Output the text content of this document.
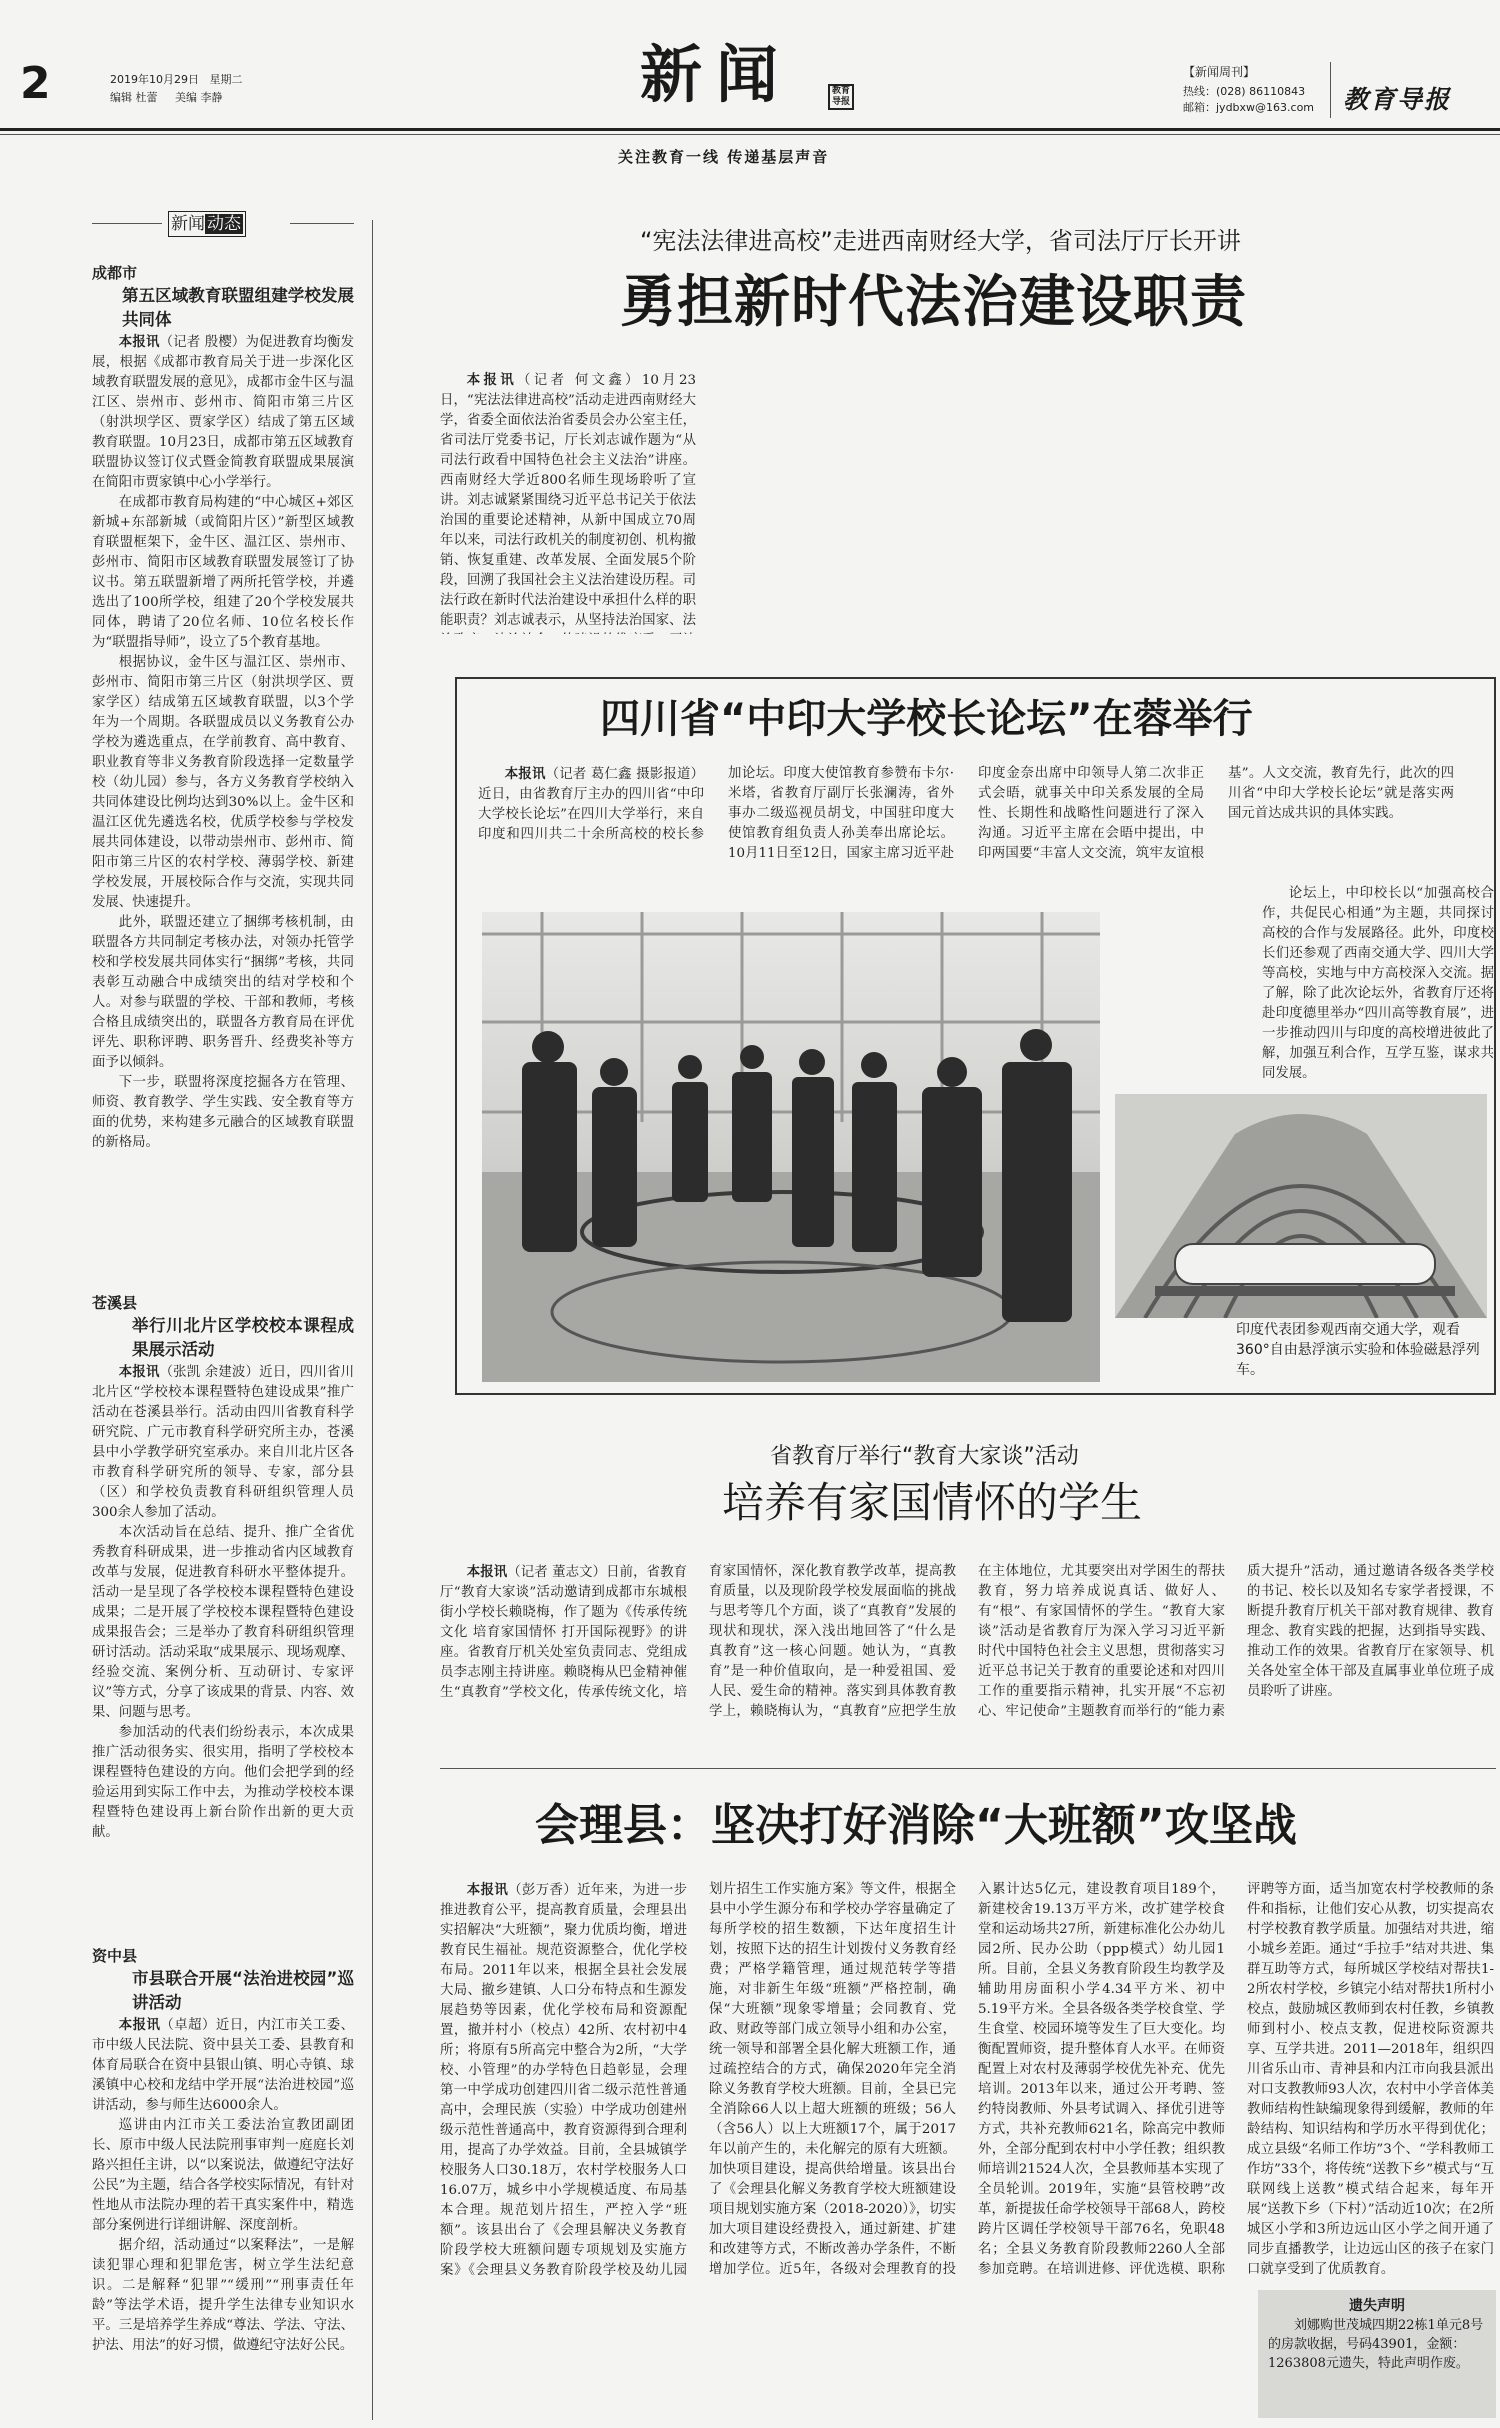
2	2019年10月29日 星期二
编辑 杜蕾 美编 李静	新闻	教育导报
关注教育一线 传递基层声音
【新闻周刊】
热线：(028) 86110843
邮箱：jydbxw@163.com 教育导报
新闻 动态
成都市
第五区域教育联盟组建学校发展共同体

本报讯（记者 殷樱）为促进教育均衡发展，根据《成都市教育局关于进一步深化区域教育联盟发展的意见》，成都市金牛区与温江区、崇州市、彭州市、简阳市第三片区（射洪坝学区、贾家学区）结成了第五区域教育联盟。10月23日，成都市第五区域教育联盟协议签订仪式暨金简教育联盟成果展演在简阳市贾家镇中心小学举行。

在成都市教育局构建的“中心城区+郊区新城+东部新城（或简阳片区）”新型区域教育联盟框架下，金牛区、温江区、崇州市、彭州市、简阳市区域教育联盟发展签订了协议书。第五联盟新增了两所托管学校，并遴选出了100所学校，组建了20个学校发展共同体，聘请了20位名师、10位名校长作为“联盟指导师”，设立了5个教育基地。

根据协议，金牛区与温江区、崇州市、彭州市、简阳市第三片区（射洪坝学区、贾家学区）结成第五区域教育联盟，以3个学年为一个周期。各联盟成员以义务教育公办学校为遴选重点，在学前教育、高中教育、职业教育等非义务教育阶段选择一定数量学校（幼儿园）参与，各方义务教育学校纳入共同体建设比例均达到30%以上。金牛区和温江区优先遴选名校，优质学校参与学校发展共同体建设，以带动崇州市、彭州市、简阳市第三片区的农村学校、薄弱学校、新建学校发展，开展校际合作与交流，实现共同发展、快速提升。

此外，联盟还建立了捆绑考核机制，由联盟各方共同制定考核办法，对领办托管学校和学校发展共同体实行“捆绑”考核，共同表彰互动融合中成绩突出的结对学校和个人。对参与联盟的学校、干部和教师，考核合格且成绩突出的，联盟各方教育局在评优评先、职称评聘、职务晋升、经费奖补等方面予以倾斜。

下一步，联盟将深度挖掘各方在管理、师资、教育教学、学生实践、安全教育等方面的优势，来构建多元融合的区域教育联盟的新格局。

苍溪县
举行川北片区学校校本课程成果展示活动

本报讯（张凯 余建波）近日，四川省川北片区“学校校本课程暨特色建设成果”推广活动在苍溪县举行。活动由四川省教育科学研究院、广元市教育科学研究所主办，苍溪县中小学教学研究室承办。来自川北片区各市教育科学研究所的领导、专家，部分县（区）和学校负责教育科研组织管理人员300余人参加了活动。

本次活动旨在总结、提升、推广全省优秀教育科研成果，进一步推动省内区域教育改革与发展，促进教育科研水平整体提升。活动一是呈现了各学校校本课程暨特色建设成果；二是开展了学校校本课程暨特色建设成果报告会；三是举办了教育科研组织管理研讨活动。活动采取“成果展示、现场观摩、经验交流、案例分析、互动研讨、专家评议”等方式，分享了该成果的背景、内容、效果、问题与思考。

参加活动的代表们纷纷表示，本次成果推广活动很务实、很实用，指明了学校校本课程暨特色建设的方向。他们会把学到的经验运用到实际工作中去，为推动学校校本课程暨特色建设再上新台阶作出新的更大贡献。

资中县
市县联合开展“法治进校园”巡讲活动

本报讯（卓超）近日，内江市关工委、市中级人民法院、资中县关工委、县教育和体育局联合在资中县银山镇、明心寺镇、球溪镇中心校和龙结中学开展“法治进校园”巡讲活动，参与师生达6000余人。

巡讲由内江市关工委法治宣教团副团长、原市中级人民法院刑事审判一庭庭长刘路兴担任主讲，以“以案说法，做遵纪守法好公民”为主题，结合各学校实际情况，有针对性地从市法院办理的若干真实案件中，精选部分案例进行详细讲解、深度剖析。

据介绍，活动通过“以案释法”，一是解读犯罪心理和犯罪危害，树立学生法纪意识。二是解释“犯罪”“缓刑”“刑事责任年龄”等法学术语，提升学生法律专业知识水平。三是培养学生养成“尊法、学法、守法、护法、用法”的好习惯，做遵纪守法好公民。

“宪法法律进高校”走进西南财经大学，省司法厅厅长开讲
勇担新时代法治建设职责

本报讯（记者 何文鑫）10月23日，“宪法法律进高校”活动走进西南财经大学，省委全面依法治省委员会办公室主任，省司法厅党委书记，厅长刘志诚作题为“从司法行政看中国特色社会主义法治”讲座。西南财经大学近800名师生现场聆听了宣讲。刘志诚紧紧围绕习近平总书记关于依法治国的重要论述精神，从新中国成立70周年以来，司法行政机关的制度初创、机构撤销、恢复重建、改革发展、全面发展5个阶段，回溯了我国社会主义法治建设历程。司法行政在新时代法治建设中承担什么样的职能职责？刘志诚表示，从坚持法治国家、法

四川省“中印大学校长论坛”在蓉举行

本报讯（记者 葛仁鑫 摄影报道）近日，由省教育厅主办的四川省“中印大学校长论坛”在四川大学举行，来自印度和四川共二十余所高校的校长参加论坛。印度大使馆教育参赞布卡尔·米塔，省教育厅副厅长张澜涛，省外事办二级巡视员胡戈，中国驻印度大使馆教育组负责人孙美奉出席论坛。10月11日至12日，国家主席习近平赴印度金奈出席中印领导人第二次非正式会晤，就事关中印关系发展的全局性、长期性和战略性问题进行了深入沟通。习近平主席在会晤中提出，中印两国要“丰富人文交流，筑牢友谊根基”。人文交流，教育先行，此次的四川省“中印大学校长论坛”就是落实两国元首达成共识的具体实践。

论坛上，中印校长以“加强高校合作，共促民心相通”为主题，共同探讨高校的合作与发展路径。此外，印度校长们还参观了西南交通大学、四川大学等高校，实地与中方高校深入交流。据了解，除了此次论坛外，省教育厅还将赴印度德里举办“四川高等教育展”，进一步推动四川与印度的高校增进彼此了解，加强互利合作，互学互鉴，谋求共同发展。

印度代表团参观西南交通大学，观看360°自由悬浮演示实验和体验磁悬浮列车。
省教育厅举行“教育大家谈”活动
培养有家国情怀的学生

本报讯（记者 董志文）日前，省教育厅“教育大家谈”活动邀请到成都市东城根街小学校长赖晓梅，作了题为《传承传统文化 培育家国情怀 打开国际视野》的讲座。省教育厅机关处室负责同志、党组成员李志刚主持讲座。赖晓梅从巴金精神催生“真教育”学校文化，传承传统文化，培育家国情怀，深化教育教学改革，提高教育质量，以及现阶段学校发展面临的挑战与思考等几个方面，谈了“真教育”发展的现状和现状，深入浅出地回答了“什么是真教育”这一核心问题。她认为，“真教育”是一种价值取向，是一种爱祖国、爱人民、爱生命的精神。落实到具体教育教学上，赖晓梅认为，“真教育”应把学生放在主体地位，尤其要突出对学困生的帮扶教育，努力培养成说真话、做好人、有“根”、有家国情怀的学生。“教育大家谈”活动是省教育厅为深入学习习近平新时代中国特色社会主义思想，贯彻落实习近平总书记关于教育的重要论述和对四川工作的重要指示精神，扎实开展“不忘初心、牢记使命”主题教育而举行的“能力素质大提升”活动，通过邀请各级各类学校的书记、校长以及知名专家学者授课，不断提升教育厅机关干部对教育规律、教育理念、教育实践的把握，达到指导实践、推动工作的效果。省教育厅在家领导、机关各处室全体干部及直属事业单位班子成员聆听了讲座。

会理县：坚决打好消除“大班额”攻坚战

本报讯（彭万香）近年来，为进一步推进教育公平，提高教育质量，会理县出实招解决“大班额”，聚力优质均衡，增进教育民生福祉。规范资源整合，优化学校布局。2011年以来，根据全县社会发展大局、撤乡建镇、人口分布特点和生源发展趋势等因素，优化学校布局和资源配置，撤并村小（校点）42所、农村初中4所；将原有5所高完中整合为2所，“大学校、小管理”的办学特色日趋彰显，会理第一中学成功创建四川省二级示范性普通高中，会理民族（实验）中学成功创建州级示范性普通高中，教育资源得到合理利用，提高了办学效益。目前，全县城镇学校服务人口30.18万，农村学校服务人口16.07万，城乡中小学规模适度、布局基本合理。规范划片招生，严控入学“班额”。该县出台了《会理县解决义务教育阶段学校大班额问题专项规划及实施方案》《会理县义务教育阶段学校及幼儿园划片招生工作实施方案》等文件，根据全县中小学生源分布和学校办学容量确定了每所学校的招生数额，下达年度招生计划，按照下达的招生计划拨付义务教育经费；严格学籍管理，通过规范转学等措施，对非新生年级“班额”严格控制，确保“大班额”现象零增量；会同教育、党政、财政等部门成立领导小组和办公室，统一领导和部署全县化解大班额工作，通过疏控结合的方式，确保2020年完全消除义务教育学校大班额。目前，全县已完全消除66人以上超大班额的班级；56人（含56人）以上大班额17个，属于2017年以前产生的，未化解完的原有大班额。加快项目建设，提高供给增量。该县出台了《会理县化解义务教育学校大班额建设项目规划实施方案（2018-2020）》，切实加大项目建设经费投入，通过新建、扩建和改建等方式，不断改善办学条件，不断增加学位。近5年，各级对会理教育的投入累计达5亿元，建设教育项目189个，新建校舍19.13万平方米，改扩建学校食堂和运动场共27所，新建标准化公办幼儿园2所、民办公助（ppp模式）幼儿园1所。目前，全县义务教育阶段生均教学及辅助用房面积小学4.34平方米、初中5.19平方米。全县各级各类学校食堂、学生食堂、校园环境等发生了巨大变化。均衡配置师资，提升整体育人水平。在师资配置上对农村及薄弱学校优先补充、优先培训。2013年以来，通过公开考聘、签约特岗教师、外县考试调入、择优引进等方式，共补充教师621名，除高完中教师外，全部分配到农村中小学任教；组织教师培训21524人次，全县教师基本实现了全员轮训。2019年，实施“县管校聘”改革，新提拔任命学校领导干部68人，跨校跨片区调任学校领导干部76名，免职48名；全县义务教育阶段教师2260人全部参加竞聘。在培训进修、评优选模、职称评聘等方面，适当加宽农村学校教师的条件和指标，让他们安心从教，切实提高农村学校教育教学质量。加强结对共进，缩小城乡差距。通过“手拉手”结对共进、集群互助等方式，每所城区学校结对帮扶1-2所农村学校，乡镇完小结对帮扶1所村小校点，鼓励城区教师到农村任教，乡镇教师到村小、校点支教，促进校际资源共享、互学共进。2011—2018年，组织四川省乐山市、青神县和内江市向我县派出对口支教教师93人次，农村中小学音体美教师结构性缺编现象得到缓解，教师的年龄结构、知识结构和学历水平得到优化；成立县级“名师工作坊”3个、“学科教师工作坊”33个，将传统“送教下乡”模式与“互联网线上送教”模式结合起来，每年开展“送教下乡（下村）”活动近10次；在2所城区小学和3所边远山区小学之间开通了同步直播教学，让边远山区的孩子在家门口就享受到了优质教育。

遗失声明
刘娜购世茂城四期22栋1单元8号的房款收据，号码43901，金额：1263808元遗失，特此声明作废。
